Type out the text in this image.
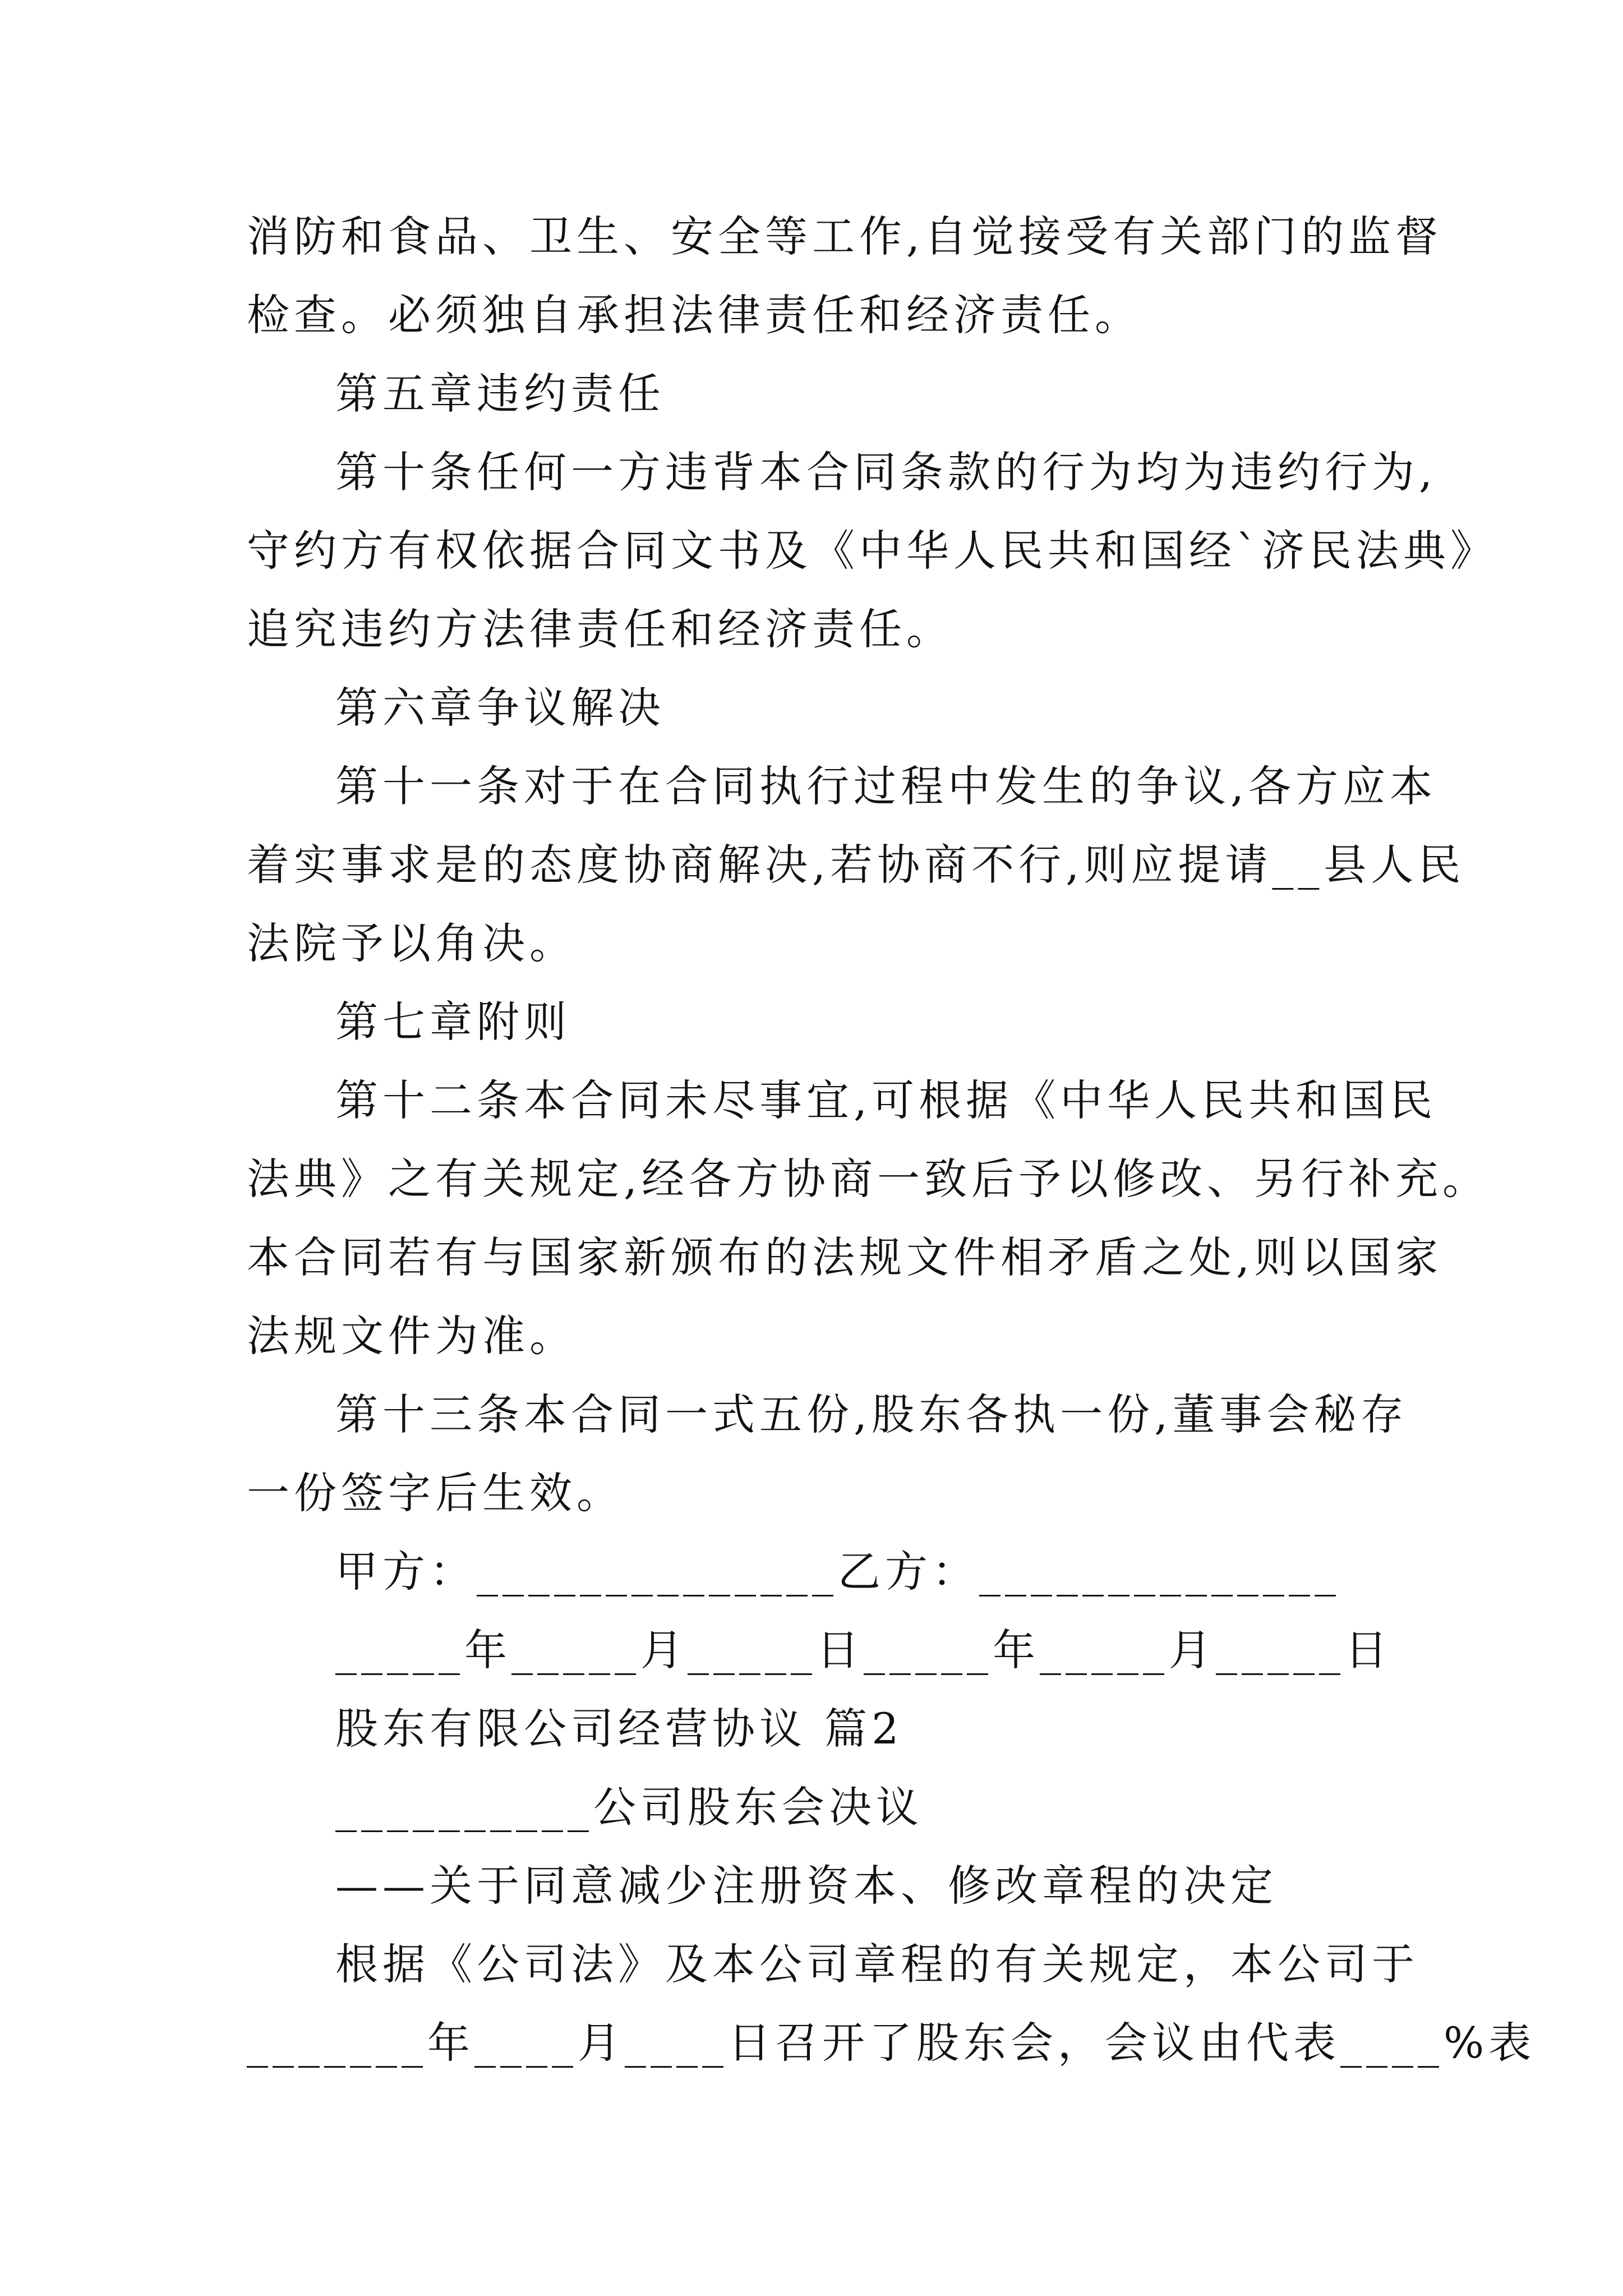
消防和食品、卫生、安全等工作,自觉接受有关部门的监督
检查。必须独自承担法律责任和经济责任。
第五章违约责任
第十条任何一方违背本合同条款的行为均为违约行为,
守约方有权依据合同文书及《中华人民共和国经`济民法典》
追究违约方法律责任和经济责任。
第六章争议解决
第十一条对于在合同执行过程中发生的争议,各方应本
着实事求是的态度协商解决,若协商不行,则应提请__县人民
法院予以角决。
第七章附则
第十二条本合同未尽事宜,可根据《中华人民共和国民
法典》之有关规定,经各方协商一致后予以修改、另行补充。
本合同若有与国家新颁布的法规文件相矛盾之处,则以国家
法规文件为准。
第十三条本合同一式五份,股东各执一份,董事会秘存
一份签字后生效。
甲方：______________乙方：______________
_____年_____月_____日_____年_____月_____日
股东有限公司经营协议 篇2
__________公司股东会决议
——关于同意减少注册资本、修改章程的决定
根据《公司法》及本公司章程的有关规定，本公司于
_______年____月____日召开了股东会，会议由代表____%表
